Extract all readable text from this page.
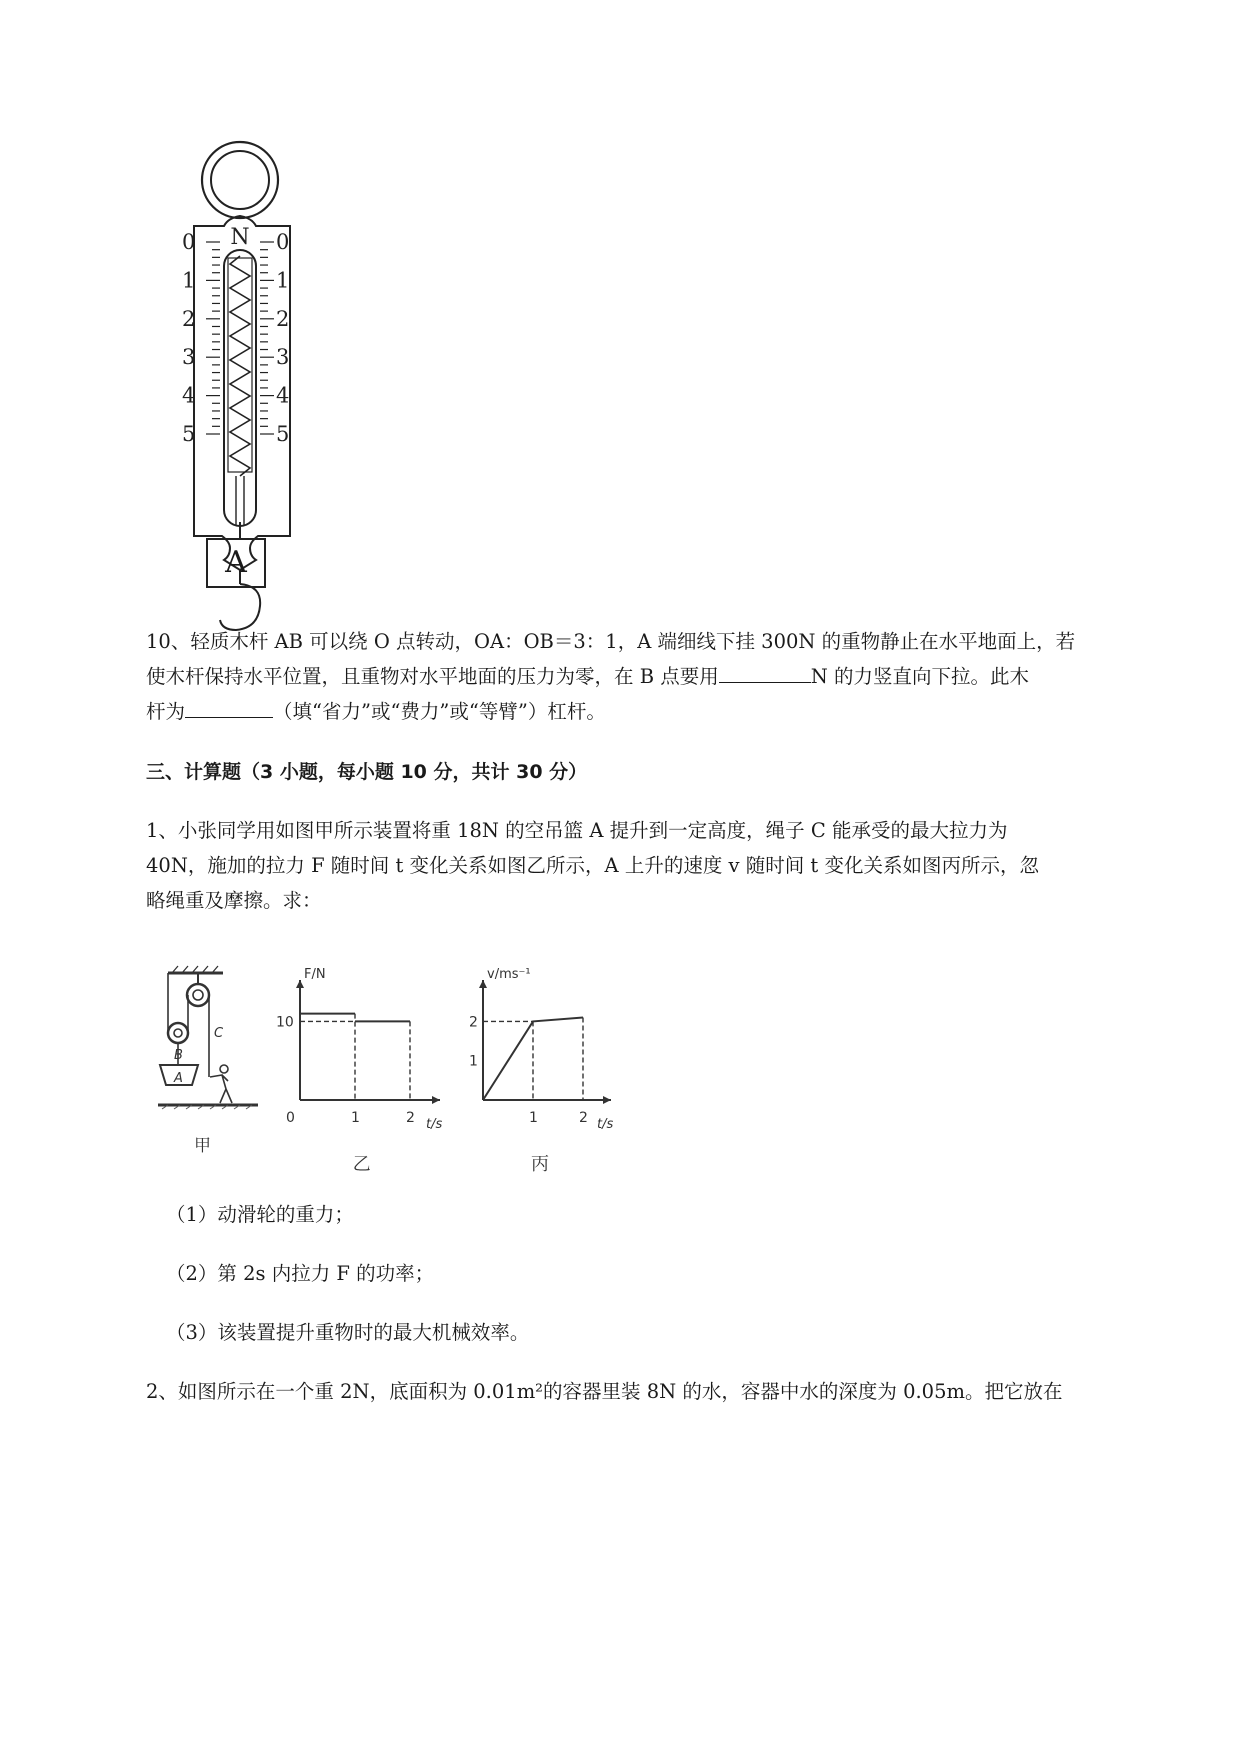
N
0	0
1	1
2	2
3	3
4	4
5	5
A
10、轻质木杆 AB 可以绕 O 点转动，OA：OB＝3：1，A 端细线下挂 300N 的重物静止在水平地面上，若
使木杆保持水平位置，且重物对水平地面的压力为零，在 B 点要用	N 的力竖直向下拉。此木
杆为	（填“省力”或“费力”或“等臂”）杠杆。
三、计算题（3 小题，每小题 10 分，共计 30 分）
1、小张同学用如图甲所示装置将重 18N 的空吊篮 A 提升到一定高度，绳子 C 能承受的最大拉力为
40N，施加的拉力 F 随时间 t 变化关系如图乙所示，A 上升的速度 v 随时间 t 变化关系如图丙所示，忽
略绳重及摩擦。求：
B
C
A
甲
F/N
t/s
0	1	2
10
乙
v/ms⁻¹
t/s
1	2
1
2
丙
（1）动滑轮的重力；
（2）第 2s 内拉力 F 的功率；
（3）该装置提升重物时的最大机械效率。
2、如图所示在一个重 2N，底面积为 0.01m²的容器里装 8N 的水，容器中水的深度为 0.05m。把它放在
